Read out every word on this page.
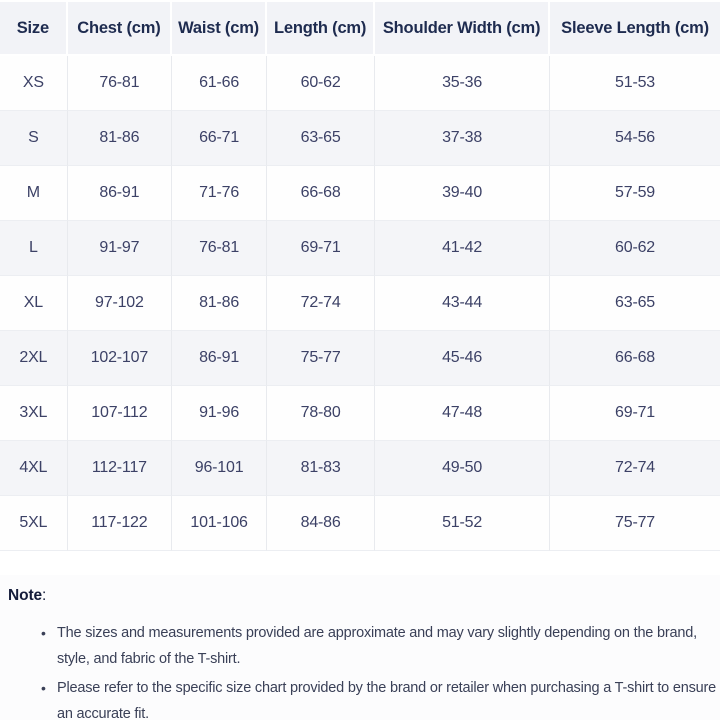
Size	Chest (cm)	Waist (cm)	Length (cm)	Shoulder Width (cm)	Sleeve Length (cm)
XS	76-81	61-66	60-62	35-36	51-53
S	81-86	66-71	63-65	37-38	54-56
M	86-91	71-76	66-68	39-40	57-59
L	91-97	76-81	69-71	41-42	60-62
XL	97-102	81-86	72-74	43-44	63-65
2XL	102-107	86-91	75-77	45-46	66-68
3XL	107-112	91-96	78-80	47-48	69-71
4XL	112-117	96-101	81-83	49-50	72-74
5XL	117-122	101-106	84-86	51-52	75-77
Note:
• The sizes and measurements provided are approximate and may vary slightly depending on the brand, style, and fabric of the T-shirt.
• Please refer to the specific size chart provided by the brand or retailer when purchasing a T-shirt to ensure an accurate fit.
